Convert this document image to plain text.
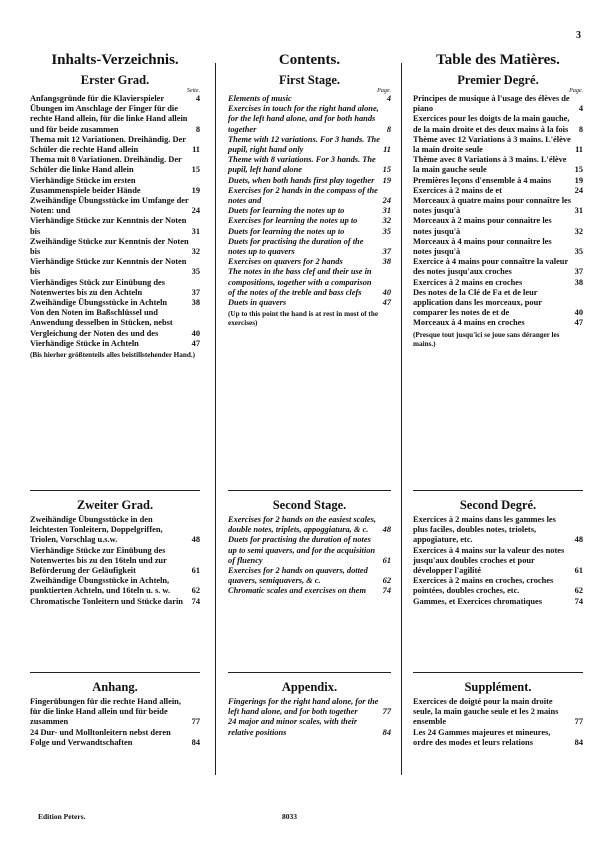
3
Inhalts-Verzeichnis.
Erster Grad.
Seite.
Anfangsgründe für die Klavierspieler	4
Übungen im Anschlage der Finger für die rechte Hand allein, für die linke Hand allein und für beide zusammen	8
Thema mit 12 Variationen. Dreihändig. Der Schüler die rechte Hand allein	11
Thema mit 8 Variationen. Dreihändig. Der Schüler die linke Hand allein	15
Vierhändige Stücke im ersten Zusammenspiele beider Hände	19
Zweihändige Übungsstücke im Umfange der Noten: und	24
Vierhändige Stücke zur Kenntnis der Noten bis	31
Zweihändige Stücke zur Kenntnis der Noten bis	32
Vierhändige Stücke zur Kenntnis der Noten bis	35
Vierhändiges Stück zur Einübung des Notenwertes bis zu den Achteln	37
Zweihändige Übungsstücke in Achteln	38
Von den Noten im Baßschlüssel und Anwendung desselben in Stücken, nebst Vergleichung der Noten des und des	40
Vierhändige Stücke in Achteln	47
(Bis hierher größtenteils alles beistillstehender Hand.)
Zweiter Grad.
Zweihändige Übungsstücke in den leichtesten Tonleitern, Doppelgriffen, Triolen, Vorschlag u.s.w.	48
Vierhändige Stücke zur Einübung des Notenwertes bis zu den 16teln und zur Beförderung der Geläufigkeit	61
Zweihändige Übungsstücke in Achteln, punktierten Achteln, und 16teln u. s. w.	62
Chromatische Tonleitern und Stücke darin	74
Anhang.
Fingerübungen für die rechte Hand allein, für die linke Hand allein und für beide zusammen	77
24 Dur- und Molltonleitern nebst deren Folge und Verwandtschaften	84
Contents.
First Stage.
Page.
Elements of music	4
Exercises in touch for the right hand alone, for the left hand alone, and for both hands together	8
Theme with 12 variations. For 3 hands. The pupil, right hand only	11
Theme with 8 variations. For 3 hands. The pupil, left hand alone	15
Duets, when both hands first play together 19
Exercises for 2 hands in the compass of the notes and	24
Duets for learning the notes up to	31
Exercises for learning the notes up to	32
Duets for learning the notes up to	35
Duets for practising the duration of the notes up to quavers	37
Exercises on quavers for 2 hands	38
The notes in the bass clef and their use in compositions, together with a comparison of the notes of the treble and bass clefs	40
Duets in quavers	47
(Up to this point the hand is at rest in most of the exercises)
Second Stage.
Exercises for 2 hands on the easiest scales, double notes, triplets, appoggiatura, & c.	48
Duets for practising the duration of notes up to semi quavers, and for the acquisition of fluency	61
Exercises for 2 hands on quavers, dotted quavers, semiquavers, & c.	62
Chromatic scales and exercises on them	74
Appendix.
Fingerings for the right hand alone, for the left hand alone, and for both together	77
24 major and minor scales, with their relative positions	84
Table des Matières.
Premier Degré.
Page.
Principes de musique à l'usage des élèves de piano	4
Exercices pour les doigts de la main gauche, de la main droite et des deux mains à la fois	8
Thème avec 12 Variations à 3 mains. L'élève la main droite seule	11
Thème avec 8 Variations à 3 mains. L'élève la main gauche seule	15
Premières leçons d'ensemble à 4 mains	19
Exercices à 2 mains de et	24
Morceaux à quatre mains pour connaître les notes jusqu'à	31
Morceaux à 2 mains pour connaître les notes jusqu'à	32
Morceaux à 4 mains pour connaître les notes jusqu'à	35
Exercice à 4 mains pour connaître la valeur des notes jusqu'aux croches	37
Exercices à 2 mains en croches	38
Des notes de la Clé de Fa et de leur application dans les morceaux, pour comparer les notes de et de	40
Morceaux à 4 mains en croches	47
(Presque tout jusqu'ici se joue sans déranger les mains.)
Second Degré.
Exercices à 2 mains dans les gammes les plus faciles, doubles notes, triolets, appogiature, etc.	48
Exercices à 4 mains sur la valeur des notes jusqu'aux doubles croches et pour développer l'agilité	61
Exercices à 2 mains en croches, croches pointées, doubles croches, etc.	62
Gammes, et Exercices chromatiques	74
Supplément.
Exercices de doigté pour la main droite seule, la main gauche seule et les 2 mains ensemble	77
Les 24 Gammes majeures et mineures, ordre des modes et leurs relations	84
Edition Peters.	8033
